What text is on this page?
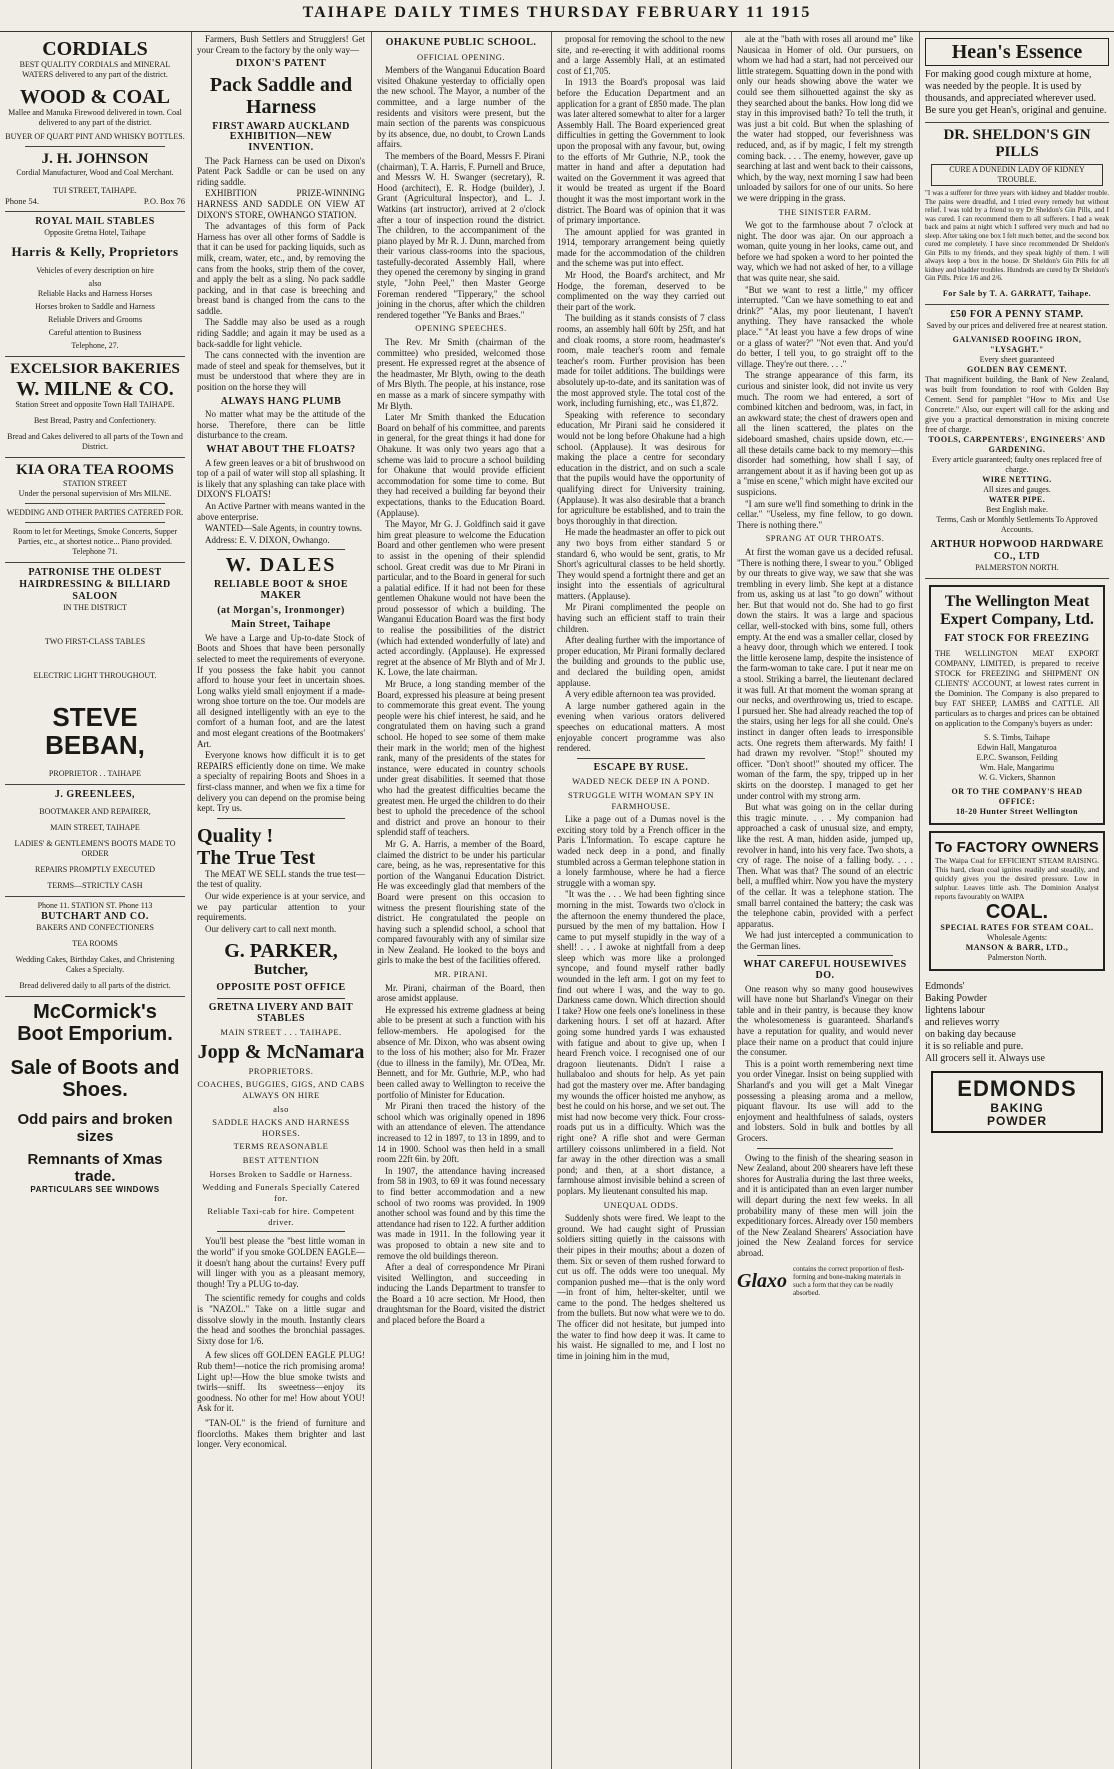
TAIHAPE DAILY TIMES THURSDAY FEBRUARY 11 1915
CORDIALS
BEST QUALITY CORDIALS and MINERAL WATERS delivered to any part of the district.
WOOD & COAL
Mallee and Manuka Firewood delivered in town. Coal delivered to any part of the district.
BUYER OF QUART PINT AND WHISKY BOTTLES.
J. H. JOHNSON
Cordial Manufacturer, Wood and Coal Merchant.
TUI STREET, TAIHAPE.
Phone 54.	P.O. Box 76
ROYAL MAIL STABLES
Opposite Gretna Hotel, Taihape
Harris & Kelly, Proprietors
Vehicles of every description on hire
also
Reliable Hacks and Harness Horses
Horses broken to Saddle and Harness
Reliable Drivers and Grooms
Careful attention to Business
Telephone, 27.
EXCELSIOR BAKERIES
W. MILNE & CO.
Station Street and opposite Town Hall TAIHAPE.
Best Bread, Pastry and Confectionery.
Bread and Cakes delivered to all parts of the Town and District.
KIA ORA TEA ROOMS
STATION STREET
Under the personal supervision of Mrs MILNE.
WEDDING AND OTHER PARTIES CATERED FOR.
Room to let for Meetings, Smoke Concerts, Supper Parties, etc., at shortest notice... Piano provided.
Telephone 71.
PATRONISE THE OLDEST
HAIRDRESSING & BILLIARD
SALOON
IN THE DISTRICT
TWO FIRST-CLASS TABLES
ELECTRIC LIGHT THROUGHOUT.
STEVE BEBAN,
PROPRIETOR . . TAIHAPE
J. GREENLEES,
BOOTMAKER AND REPAIRER,
MAIN STREET, TAIHAPE
LADIES' & GENTLEMEN'S BOOTS MADE TO ORDER
REPAIRS PROMPTLY EXECUTED
TERMS—STRICTLY CASH
Phone 11. STATION ST. Phone 113
BUTCHART AND CO.
BAKERS AND CONFECTIONERS
TEA ROOMS
Wedding Cakes, Birthday Cakes, and Christening Cakes a Specialty.
Bread delivered daily to all parts of the district.
McCormick's
Boot Emporium.
Sale of Boots and
Shoes.
Odd pairs and broken
sizes
Remnants of Xmas trade.
PARTICULARS SEE WINDOWS

Farmers, Bush Settlers and Strugglers! Get your Cream to the factory by the only way—

DIXON'S PATENT
Pack Saddle and Harness
FIRST AWARD AUCKLAND EXHIBITION—NEW INVENTION.

The Pack Harness can be used on Dixon's Patent Pack Saddle or can be used on any riding saddle.

EXHIBITION PRIZE-WINNING HARNESS AND SADDLE ON VIEW AT DIXON'S STORE, OWHANGO STATION.

The advantages of this form of Pack Harness has over all other forms of Saddle is that it can be used for packing liquids, such as milk, cream, water, etc., and, by removing the cans from the hooks, strip them of the cover, and apply the belt as a sling. No pack saddle packing, and in that case is breeching and breast band is changed from the cans to the saddle.

The Saddle may also be used as a rough riding Saddle; and again it may be used as a back-saddle for light vehicle.

The cans connected with the invention are made of steel and speak for themselves, but it must be understood that where they are in position on the horse they will

ALWAYS HANG PLUMB

No matter what may be the attitude of the horse. Therefore, there can be little disturbance to the cream.

WHAT ABOUT THE FLOATS?

A few green leaves or a bit of brushwood on top of a pail of water will stop all splashing. It is likely that any splashing can take place with DIXON'S FLOATS!

An Active Partner with means wanted in the above enterprise.

WANTED—Sale Agents, in country towns.

Address: E. V. DIXON, Owhango.

W. DALES
RELIABLE BOOT & SHOE MAKER
(at Morgan's, Ironmonger)
Main Street, Taihape

We have a Large and Up-to-date Stock of Boots and Shoes that have been personally selected to meet the requirements of everyone. If you possess the fake habit you cannot afford to house your feet in uncertain shoes. Long walks yield small enjoyment if a made-wrong shoe torture on the toe. Our models are all designed intelligently with an eye to the comfort of a human foot, and are the latest and most elegant creations of the Bootmakers' Art.

Everyone knows how difficult it is to get REPAIRS efficiently done on time. We make a specialty of repairing Boots and Shoes in a first-class manner, and when we fix a time for delivery you can depend on the promise being kept. Try us.

Quality !
The True Test

The MEAT WE SELL stands the true test—the test of quality.

Our wide experience is at your service, and we pay particular attention to your requirements.

Our delivery cart to call next month.

G. PARKER,
Butcher,
OPPOSITE POST OFFICE
GRETNA LIVERY AND BAIT STABLES
MAIN STREET . . . TAIHAPE.
Jopp & McNamara
PROPRIETORS.
COACHES, BUGGIES, GIGS, AND CABS ALWAYS ON HIRE
also
SADDLE HACKS AND HARNESS HORSES.
TERMS REASONABLE
BEST ATTENTION
Horses Broken to Saddle or Harness.
Wedding and Funerals Specially Catered for.
Reliable Taxi-cab for hire. Competent driver.

You'll best please the "best little woman in the world" if you smoke GOLDEN EAGLE—it doesn't hang about the curtains! Every puff will linger with you as a pleasant memory, though! Try a PLUG to-day.

The scientific remedy for coughs and colds is "NAZOL." Take on a little sugar and dissolve slowly in the mouth. Instantly clears the head and soothes the bronchial passages. Sixty dose for 1/6.

A few slices off GOLDEN EAGLE PLUG! Rub them!—notice the rich promising aroma! Light up!—How the blue smoke twists and twirls—sniff. Its sweetness—enjoy its goodness. No other for me! How about YOU! Ask for it.

"TAN-OL" is the friend of furniture and floorcloths. Makes them brighter and last longer. Very economical.

OHAKUNE PUBLIC SCHOOL.
OFFICIAL OPENING.

Members of the Wanganui Education Board visited Ohakune yesterday to officially open the new school. The Mayor, a number of the committee, and a large number of the residents and visitors were present, but the main section of the parents was conspicuous by its absence, due, no doubt, to Crown Lands affairs.

The members of the Board, Messrs F. Pirani (chairman), T. A. Harris, F. Purnell and Bruce, and Messrs W. H. Swanger (secretary), R. Hood (architect), E. R. Hodge (builder), J. Grant (Agricultural Inspector), and L. J. Watkins (art instructor), arrived at 2 o'clock after a tour of inspection round the district. The children, to the accompaniment of the piano played by Mr R. J. Dunn, marched from their various class-rooms into the spacious, tastefully-decorated Assembly Hall, where they opened the ceremony by singing in grand style, "John Peel," then Master George Foreman rendered "Tipperary," the school joining in the chorus, after which the children rendered together "Ye Banks and Braes."

OPENING SPEECHES.

The Rev. Mr Smith (chairman of the committee) who presided, welcomed those present. He expressed regret at the absence of the headmaster, Mr Blyth, owing to the death of Mrs Blyth. The people, at his instance, rose en masse as a mark of sincere sympathy with Mr Blyth.

Later Mr Smith thanked the Education Board on behalf of his committee, and parents in general, for the great things it had done for Ohakune. It was only two years ago that a scheme was laid to procure a school building for Ohakune that would provide efficient accommodation for some time to come. But they had received a building far beyond their expectations, thanks to the Education Board. (Applause).

The Mayor, Mr G. J. Goldfinch said it gave him great pleasure to welcome the Education Board and other gentlemen who were present to assist in the opening of their splendid school. Great credit was due to Mr Pirani in particular, and to the Board in general for such a palatial edifice. If it had not been for these gentlemen Ohakune would not have been the proud possessor of which a building. The Wanganui Education Board was the first body to realise the possibilities of the district (which had extended wonderfully of late) and acted accordingly. (Applause). He expressed regret at the absence of Mr Blyth and of Mr J. K. Lowe, the late chairman.

Mr Bruce, a long standing member of the Board, expressed his pleasure at being present to commemorate this great event. The young people were his chief interest, he said, and he congratulated them on having such a grand school. He hoped to see some of them make their mark in the world; men of the highest rank, many of the presidents of the states for instance, were educated in country schools under great disabilities. It seemed that those who had the greatest difficulties became the greatest men. He urged the children to do their best to uphold the precedence of the school and district and prove an honour to their splendid staff of teachers.

Mr G. A. Harris, a member of the Board, claimed the district to be under his particular care, being, as he was, representative for this portion of the Wanganui Education District. He was exceedingly glad that members of the Board were present on this occasion to witness the present flourishing state of the district. He congratulated the people on having such a splendid school, a school that compared favourably with any of similar size in New Zealand. He looked to the boys and girls to make the best of the facilities offered.

MR. PIRANI.

Mr. Pirani, chairman of the Board, then arose amidst applause.

He expressed his extreme gladness at being able to be present at such a function with his fellow-members. He apologised for the absence of Mr. Dixon, who was absent owing to the loss of his mother; also for Mr. Frazer (due to illness in the family), Mr. O'Dea, Mr. Bennett, and for Mr. Guthrie, M.P., who had been called away to Wellington to receive the portfolio of Minister for Education.

Mr Pirani then traced the history of the school which was originally opened in 1896 with an attendance of eleven. The attendance increased to 12 in 1897, to 13 in 1899, and to 14 in 1900. School was then held in a small room 22ft 6in. by 20ft.

In 1907, the attendance having increased from 58 in 1903, to 69 it was found necessary to find better accommodation and a new school of two rooms was provided. In 1909 another school was found and by this time the attendance had risen to 122. A further addition was made in 1911. In the following year it was proposed to obtain a new site and to remove the old buildings thereon.

After a deal of correspondence Mr Pirani visited Wellington, and succeeding in inducing the Lands Department to transfer to the Board a 10 acre section. Mr Hood, then draughtsman for the Board, visited the district and placed before the Board a

proposal for removing the school to the new site, and re-erecting it with additional rooms and a large Assembly Hall, at an estimated cost of £1,705.

In 1913 the Board's proposal was laid before the Education Department and an application for a grant of £850 made. The plan was later altered somewhat to alter for a larger Assembly Hall. The Board experienced great difficulties in getting the Government to look upon the proposal with any favour, but, owing to the efforts of Mr Guthrie, N.P., took the matter in hand and after a deputation had waited on the Government it was agreed that it would be treated as urgent if the Board thought it was the most important work in the district. The Board was of opinion that it was of primary importance.

The amount applied for was granted in 1914, temporary arrangement being quietly made for the accommodation of the children and the scheme was put into effect.

Mr Hood, the Board's architect, and Mr Hodge, the foreman, deserved to be complimented on the way they carried out their part of the work.

The building as it stands consists of 7 class rooms, an assembly hall 60ft by 25ft, and hat and cloak rooms, a store room, headmaster's room, male teacher's room and female teacher's room. Further provision has been made for toilet additions. The buildings were absolutely up-to-date, and its sanitation was of the most approved style. The total cost of the work, including furnishing, etc., was £1,872.

Speaking with reference to secondary education, Mr Pirani said he considered it would not be long before Ohakune had a high school. (Applause). It was desirous for making the place a centre for secondary education in the district, and on such a scale that the pupils would have the opportunity of qualifying direct for University training. (Applause). It was also desirable that a branch for agriculture be established, and to train the boys thoroughly in that direction.

He made the headmaster an offer to pick out any two boys from either standard 5 or standard 6, who would be sent, gratis, to Mr Short's agricultural classes to be held shortly. They would spend a fortnight there and get an insight into the essentials of agricultural matters. (Applause).

Mr Pirani complimented the people on having such an efficient staff to train their children.

After dealing further with the importance of proper education, Mr Pirani formally declared the building and grounds to the public use, and declared the building open, amidst applause.

A very edible afternoon tea was provided.

A large number gathered again in the evening when various orators delivered speeches on educational matters. A most enjoyable concert programme was also rendered.

ESCAPE BY RUSE.
WADED NECK DEEP IN A POND.
STRUGGLE WITH WOMAN SPY IN FARMHOUSE.

Like a page out of a Dumas novel is the exciting story told by a French officer in the Paris L'Information. To escape capture he waded neck deep in a pond, and finally stumbled across a German telephone station in a lonely farmhouse, where he had a fierce struggle with a woman spy.

"It was the . . . We had been fighting since morning in the mist. Towards two o'clock in the afternoon the enemy thundered the place, pursued by the men of my battalion. How I came to put myself stupidly in the way of a shell! . . . I awoke at nightfall from a deep sleep which was more like a prolonged syncope, and found myself rather badly wounded in the left arm. I got on my feet to find out where I was, and the way to go. Darkness came down. Which direction should I take? How one feels one's loneliness in these darkening hours. I set off at hazard. After going some hundred yards I was exhausted with fatigue and about to give up, when I heard French voice. I recognised one of our dragoon lieutenants. Didn't I raise a hullabaloo and shouts for help. As yet pain had got the mastery over me. After bandaging my wounds the officer hoisted me anyhow, as best he could on his horse, and we set out. The mist had now become very thick. Four cross-roads put us in a difficulty. Which was the right one? A rifle shot and were German artillery coissons unlimbered in a field. Not far away in the other direction was a small pond; and then, at a short distance, a farmhouse almost invisible behind a screen of poplars. My lieutenant consulted his map.

UNEQUAL ODDS.

Suddenly shots were fired. We leapt to the ground. We had caught sight of Prussian soldiers sitting quietly in the caissons with their pipes in their mouths; about a dozen of them. Six or seven of them rushed forward to cut us off. The odds were too unequal. My companion pushed me—that is the only word—in front of him, helter-skelter, until we came to the pond. The hedges sheltered us from the bullets. But now what were we to do. The officer did not hesitate, but jumped into the water to find how deep it was. It came to his waist. He signalled to me, and I lost no time in joining him in the mud,

ale at the "bath with roses all around me" like Nausicaa in Homer of old. Our pursuers, on whom we had had a start, had not perceived our little strategem. Squatting down in the pond with only our heads showing above the water we could see them silhouetted against the sky as they searched about the banks. How long did we stay in this improvised bath? To tell the truth, it was just a bit cold. But when the splashing of the water had stopped, our feverishness was reduced, and, as if by magic, I felt my strength coming back. . . . The enemy, however, gave up searching at last and went back to their caissons, which, by the way, next morning I saw had been unloaded by sailors for one of our units. So here we were dripping in the grass.

THE SINISTER FARM.

We got to the farmhouse about 7 o'clock at night. The door was ajar. On our approach a woman, quite young in her looks, came out, and before we had spoken a word to her pointed the way, which we had not asked of her, to a village that was quite near, she said.

"But we want to rest a little," my officer interrupted. "Can we have something to eat and drink?" "Alas, my poor lieutenant, I haven't anything. They have ransacked the whole place." "At least you have a few drops of wine or a glass of water?" "Not even that. And you'd do better, I tell you, to go straight off to the village. They're out there. . . ."

The strange appearance of this farm, its curious and sinister look, did not invite us very much. The room we had entered, a sort of combined kitchen and bedroom, was, in fact, in an awkward state; the chest of drawers open and all the linen scattered, the plates on the sideboard smashed, chairs upside down, etc.—all these details came back to my memory—this disorder had something, how shall I say, of arrangement about it as if having been got up as a "mise en scene," which might have excited our suspicions.

"I am sure we'll find something to drink in the cellar." "Useless, my fine fellow, to go down. There is nothing there."

SPRANG AT OUR THROATS.

At first the woman gave us a decided refusal. "There is nothing there, I swear to you." Obliged by our threats to give way, we saw that she was trembling in every limb. She kept at a distance from us, asking us at last "to go down" without her. But that would not do. She had to go first down the stairs. It was a large and spacious cellar, well-stocked with bins, some full, others empty. At the end was a smaller cellar, closed by a heavy door, through which we entered. I took the little kerosene lamp, despite the insistence of the farm-woman to take care. I put it near me on a stool. Striking a barrel, the lieutenant declared it was full. At that moment the woman sprang at our necks, and overthrowing us, tried to escape. I pursued her. She had already reached the top of the stairs, using her legs for all she could. One's instinct in danger often leads to irresponsible acts. One regrets them afterwards. My faith! I had drawn my revolver. "Stop!" shouted my officer. "Don't shoot!" shouted my officer. The woman of the farm, the spy, tripped up in her skirts on the doorstep. I managed to get her under control with my strong arm.

But what was going on in the cellar during this tragic minute. . . . My companion had approached a cask of unusual size, and empty, like the rest. A man, hidden aside, jumped up, revolver in hand, into his very face. Two shots, a cry of rage. The noise of a falling body. . . . Then. What was that? The sound of an electric bell, a muffled whirr. Now you have the mystery of the cellar. It was a telephone station. The small barrel contained the battery; the cask was the telephone cabin, provided with a perfect apparatus.

We had just intercepted a communication to the German lines.

WHAT CAREFUL HOUSEWIVES DO.

One reason why so many good housewives will have none but Sharland's Vinegar on their table and in their pantry, is because they know the wholesomeness is guaranteed. Sharland's have a reputation for quality, and would never place their name on a product that could injure the consumer.

This is a point worth remembering next time you order Vinegar. Insist on being supplied with Sharland's and you will get a Malt Vinegar possessing a pleasing aroma and a mellow, piquant flavour. Its use will add to the enjoyment and healthfulness of salads, oysters and lobsters. Sold in bulk and bottles by all Grocers.

Owing to the finish of the shearing season in New Zealand, about 200 shearers have left these shores for Australia during the last three weeks, and it is anticipated than an even larger number will depart during the next few weeks. In all probability many of these men will join the expeditionary forces. Already over 150 members of the New Zealand Shearers' Association have joined the New Zealand forces for service abroad.

Glaxo
contains the correct proportion of flesh-forming and bone-making materials in such a form that they can be readily absorbed.
Hean's Essence
For making good cough mixture at home, was needed by the people. It is used by thousands, and appreciated wherever used. Be sure you get Hean's, original and genuine.
DR. SHELDON'S GIN PILLS
CURE A DUNEDIN LADY OF KIDNEY TROUBLE.
"I was a sufferer for three years with kidney and bladder trouble. The pains were dreadful, and I tried every remedy but without relief. I was told by a friend to try Dr Sheldon's Gin Pills, and I was cured. I can recommend them to all sufferers. I had a weak back and pains at night which I suffered very much and had no sleep. After taking one box I felt much better, and the second box cured me completely. I have since recommended Dr Sheldon's Gin Pills to my friends, and they speak highly of them. I will always keep a box in the house. Dr Sheldon's Gin Pills for all kidney and bladder troubles. Hundreds are cured by Dr Sheldon's Gin Pills. Price 1/6 and 2/6.
For Sale by T. A. GARRATT, Taihape.
£50 FOR A PENNY STAMP.
Saved by our prices and delivered free at nearest station.
GALVANISED ROOFING IRON, "LYSAGHT."
Every sheet guaranteed
GOLDEN BAY CEMENT.
That magnificent building, the Bank of New Zealand, was built from foundation to roof with Golden Bay Cement. Send for pamphlet "How to Mix and Use Concrete." Also, our expert will call for the asking and give you a practical demonstration in mixing concrete free of charge.
TOOLS, CARPENTERS', ENGINEERS' AND GARDENING.
Every article guaranteed; faulty ones replaced free of charge.
WIRE NETTING.
All sizes and gauges.
WATER PIPE.
Best English make.
Terms, Cash or Monthly Settlements To Approved Accounts.
ARTHUR HOPWOOD HARDWARE CO., LTD
PALMERSTON NORTH.
The Wellington Meat Expert Company, Ltd.
FAT STOCK FOR FREEZING
THE WELLINGTON MEAT EXPORT COMPANY, LIMITED, is prepared to receive STOCK for FREEZING and SHIPMENT ON CLIENTS' ACCOUNT, at lowest rates current in the Dominion. The Company is also prepared to buy FAT SHEEP, LAMBS and CATTLE. All particulars as to charges and prices can be obtained on application to the Company's buyers as under:
S. S. Timbs, Taihape
Edwin Hall, Mangaturoa
E.P.C. Swanson, Feilding
Wm. Hale, Mangarimu
W. G. Vickers, Shannon
OR TO THE COMPANY'S HEAD OFFICE:
18-20 Hunter Street Wellington
To FACTORY OWNERS
The Waipa Coal for EFFICIENT STEAM RAISING. This hard, clean coal ignites readily and steadily, and quickly gives you the desired pressure. Low in sulphur. Leaves little ash. The Dominion Analyst reports favourably on WAIPA
COAL.
SPECIAL RATES FOR STEAM COAL.
Wholesale Agents:
MANSON & BARR, LTD.,
Palmerston North.
Edmonds'
Baking Powder
lightens labour
and relieves worry
on baking day because
it is so reliable and pure.
All grocers sell it. Always use
EDMONDS
BAKING
POWDER
